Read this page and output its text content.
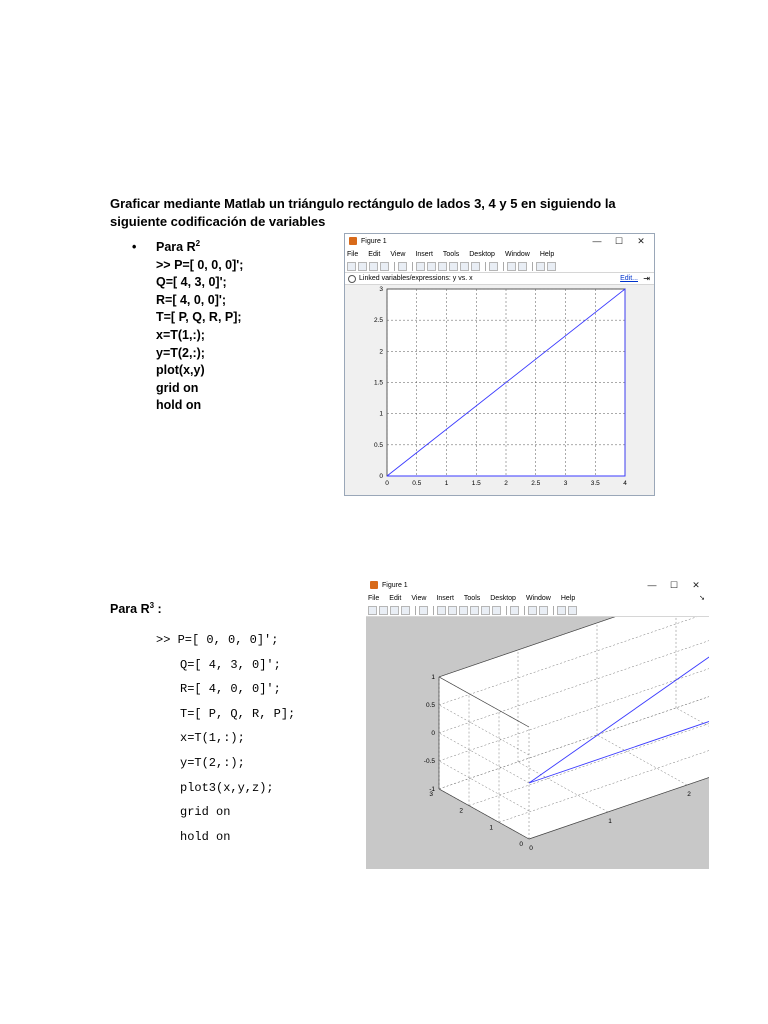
Graficar mediante Matlab un triángulo rectángulo de lados 3, 4 y 5 en siguiendo la siguiente codificación de variables
• Para $R^2$
>> P=[ 0, 0, 0]';
Q=[ 4, 3, 0]';
R=[ 4, 0, 0]';
T=[ P, Q, R, P];
x=T(1,:);
y=T(2,:);
plot(x,y)
grid on
hold on
Figure 1	—	☐	✕
File Edit View Insert Tools Desktop Window Help
Linked variables/expressions: y vs. x	Edit... ⇥
0	0.5	1	1.5	2	2.5	3	3.5	4
0
0.5
1
1.5
2
2.5
3
Para $R^3$ :
>> P=[ 0, 0, 0]';
Q=[ 4, 3, 0]';
R=[ 4, 0, 0]';
T=[ P, Q, R, P];
x=T(1,:);
y=T(2,:);
plot3(x,y,z);
grid on
hold on
Figure 1	—	☐	✕
File Edit View Insert Tools Desktop Window Help	➘
0
1
2
0
1
2
3
-1
-0.5
0
0.5
1
